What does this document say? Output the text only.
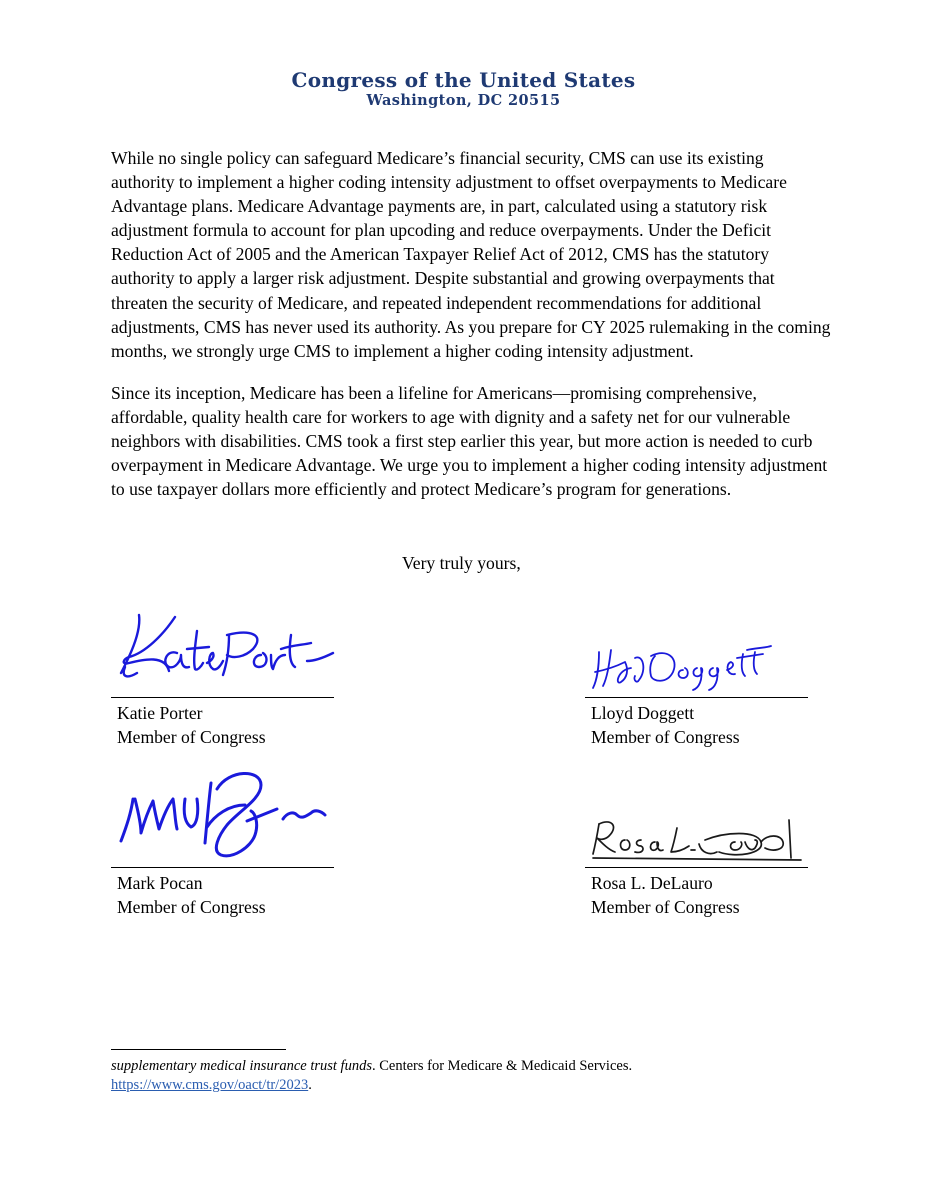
Congress of the United States
Washington, DC 20515

While no single policy can safeguard Medicare’s financial security, CMS can use its existing authority to implement a higher coding intensity adjustment to offset overpayments to Medicare Advantage plans. Medicare Advantage payments are, in part, calculated using a statutory risk adjustment formula to account for plan upcoding and reduce overpayments. Under the Deficit Reduction Act of 2005 and the American Taxpayer Relief Act of 2012, CMS has the statutory authority to apply a larger risk adjustment. Despite substantial and growing overpayments that threaten the security of Medicare, and repeated independent recommendations for additional adjustments, CMS has never used its authority. As you prepare for CY 2025 rulemaking in the coming months, we strongly urge CMS to implement a higher coding intensity adjustment.

Since its inception, Medicare has been a lifeline for Americans—promising comprehensive, affordable, quality health care for workers to age with dignity and a safety net for our vulnerable neighbors with disabilities. CMS took a first step earlier this year, but more action is needed to curb overpayment in Medicare Advantage. We urge you to implement a higher coding intensity adjustment to use taxpayer dollars more efficiently and protect Medicare’s program for generations.

Very truly yours,
Katie Porter
Member of Congress
Lloyd Doggett
Member of Congress
Mark Pocan
Member of Congress
Rosa L. DeLauro
Member of Congress

supplementary medical insurance trust funds. Centers for Medicare & Medicaid Services.
https://www.cms.gov/oact/tr/2023.
